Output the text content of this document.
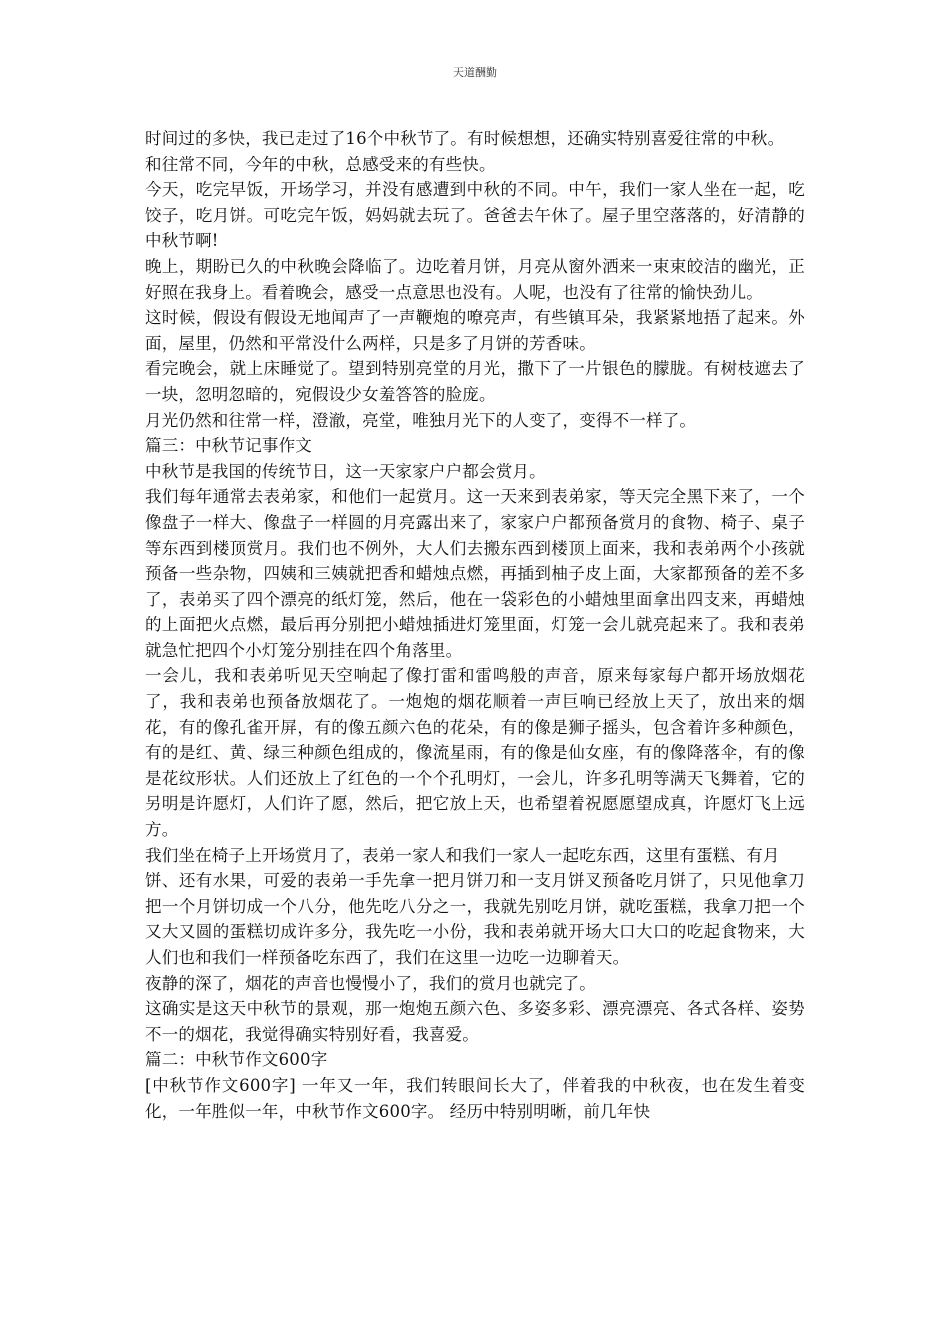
天道酬勤

时间过的多快，我已走过了16个中秋节了。有时候想想，还确实特别喜爱往常的中秋。

和往常不同，今年的中秋，总感受来的有些快。

今天，吃完早饭，开场学习，并没有感遭到中秋的不同。中午，我们一家人坐在一起，吃饺子，吃月饼。可吃完午饭，妈妈就去玩了。爸爸去午休了。屋子里空落落的，好清静的中秋节啊!

晚上，期盼已久的中秋晚会降临了。边吃着月饼，月亮从窗外洒来一束束皎洁的幽光，正好照在我身上。看着晚会，感受一点意思也没有。人呢，也没有了往常的愉快劲儿。

这时候，假设有假设无地闻声了一声鞭炮的嘹亮声，有些镇耳朵，我紧紧地捂了起来。外面，屋里，仍然和平常没什么两样，只是多了月饼的芳香味。

看完晚会，就上床睡觉了。望到特别亮堂的月光，撒下了一片银色的朦胧。有树枝遮去了一块，忽明忽暗的，宛假设少女羞答答的脸庞。

月光仍然和往常一样，澄澈，亮堂，唯独月光下的人变了，变得不一样了。

篇三：中秋节记事作文

中秋节是我国的传统节日，这一天家家户户都会赏月。

我们每年通常去表弟家，和他们一起赏月。这一天来到表弟家，等天完全黑下来了，一个像盘子一样大、像盘子一样圆的月亮露出来了，家家户户都预备赏月的食物、椅子、桌子等东西到楼顶赏月。我们也不例外，大人们去搬东西到楼顶上面来，我和表弟两个小孩就预备一些杂物，四姨和三姨就把香和蜡烛点燃，再插到柚子皮上面，大家都预备的差不多了，表弟买了四个漂亮的纸灯笼，然后，他在一袋彩色的小蜡烛里面拿出四支来，再蜡烛的上面把火点燃，最后再分别把小蜡烛插进灯笼里面，灯笼一会儿就亮起来了。我和表弟就急忙把四个小灯笼分别挂在四个角落里。

一会儿，我和表弟听见天空响起了像打雷和雷鸣般的声音，原来每家每户都开场放烟花了，我和表弟也预备放烟花了。一炮炮的烟花顺着一声巨响已经放上天了，放出来的烟花，有的像孔雀开屏，有的像五颜六色的花朵，有的像是狮子摇头，包含着许多种颜色，有的是红、黄、绿三种颜色组成的，像流星雨，有的像是仙女座，有的像降落伞，有的像是花纹形状。人们还放上了红色的一个个孔明灯，一会儿，许多孔明等满天飞舞着，它的另明是许愿灯，人们许了愿，然后，把它放上天，也希望着祝愿愿望成真，许愿灯飞上远方。

我们坐在椅子上开场赏月了，表弟一家人和我们一家人一起吃东西，这里有蛋糕、有月

饼、还有水果，可爱的表弟一手先拿一把月饼刀和一支月饼叉预备吃月饼了，只见他拿刀把一个月饼切成一个八分，他先吃八分之一，我就先别吃月饼，就吃蛋糕，我拿刀把一个又大又圆的蛋糕切成许多分，我先吃一小份，我和表弟就开场大口大口的吃起食物来，大人们也和我们一样预备吃东西了，我们在这里一边吃一边聊着天。

夜静的深了，烟花的声音也慢慢小了，我们的赏月也就完了。

这确实是这天中秋节的景观，那一炮炮五颜六色、多姿多彩、漂亮漂亮、各式各样、姿势不一的烟花，我觉得确实特别好看，我喜爱。

篇二：中秋节作文600字

[中秋节作文600字] 一年又一年，我们转眼间长大了，伴着我的中秋夜，也在发生着变化，一年胜似一年，中秋节作文600字。 经历中特别明晰，前几年快
